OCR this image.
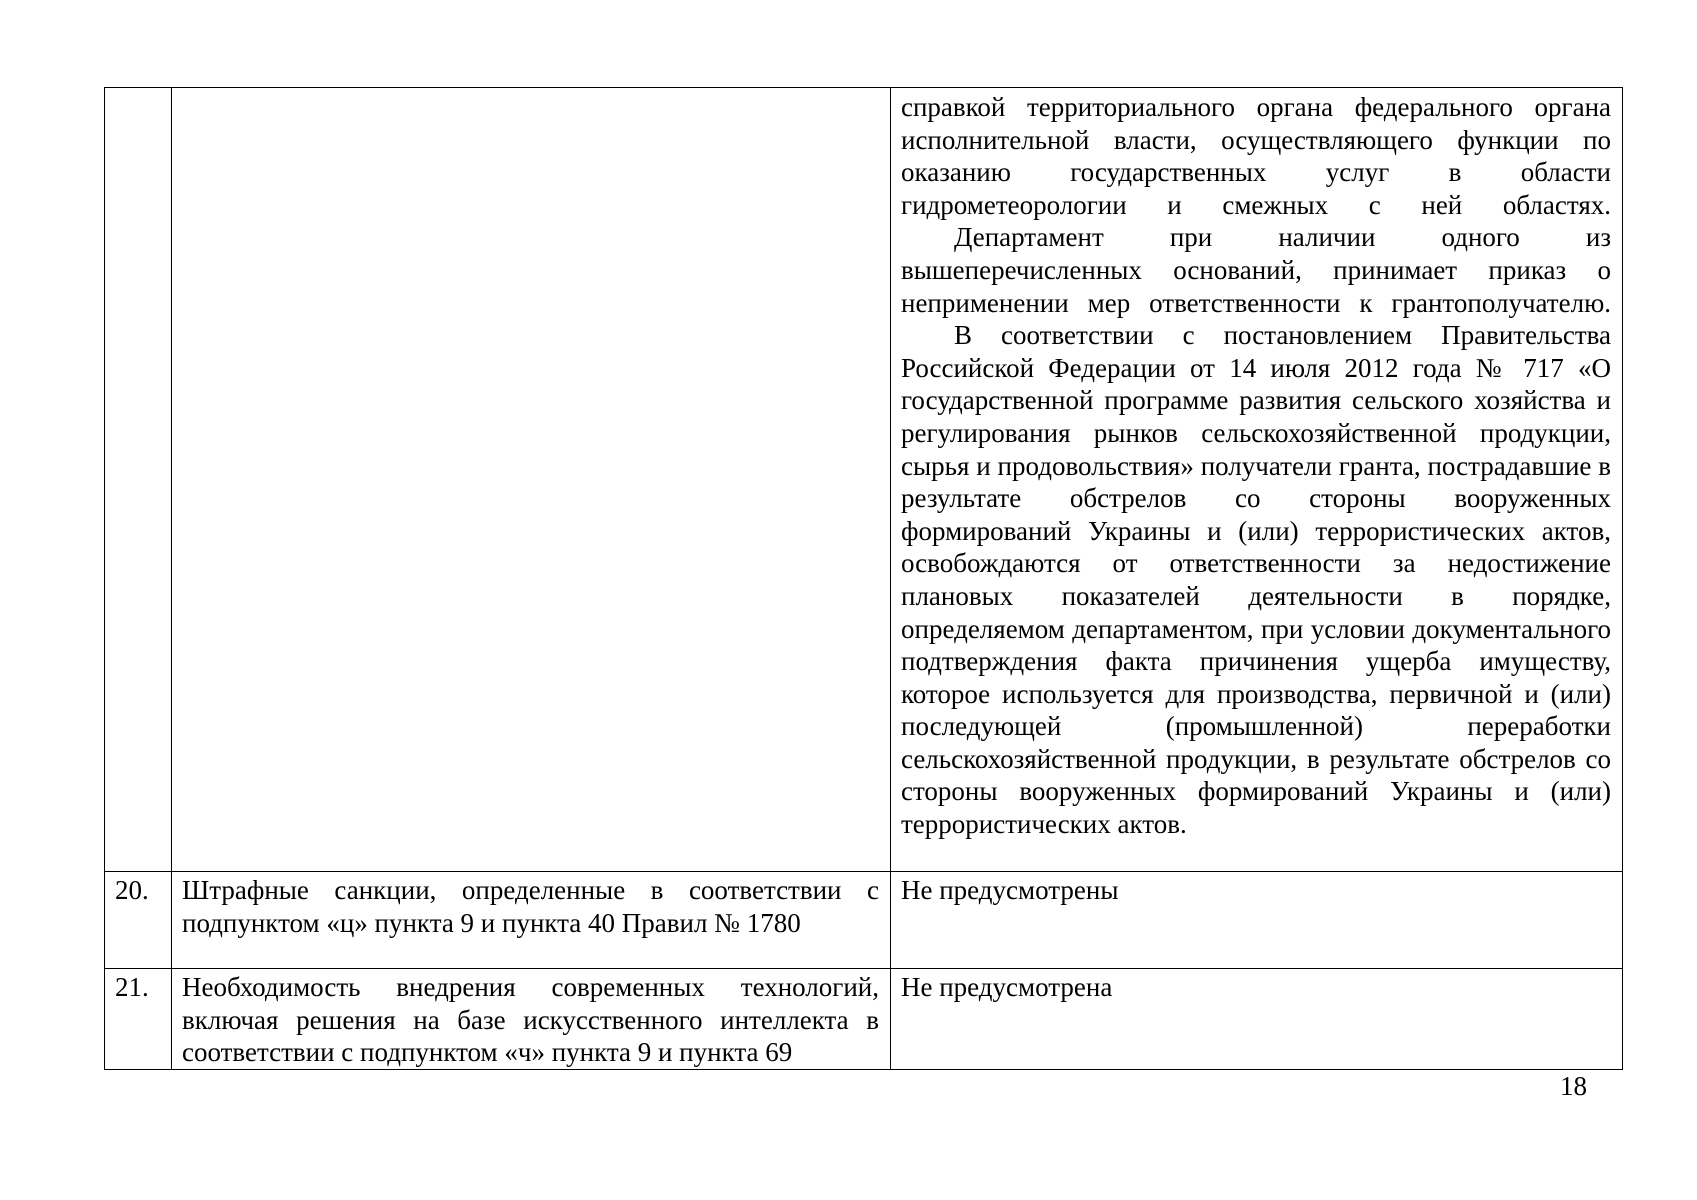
		справкой территориального органа федерального органа исполнительной власти, осуществляющего функции по оказанию государственных услуг в области гидрометеорологии и смежных с ней областях.

Департамент при наличии одного из вышеперечисленных оснований, принимает приказ о неприменении мер ответственности к грантополучателю.

В соответствии с постановлением Правительства Российской Федерации от 14 июля 2012 года № 717 «О государственной программе развития сельского хозяйства и регулирования рынков сельскохозяйственной продукции, сырья и продовольствия» получатели гранта, пострадавшие в результате обстрелов со стороны вооруженных формирований Украины и (или) террористических актов, освобождаются от ответственности за недостижение плановых показателей деятельности в порядке, определяемом департаментом, при условии документального подтверждения факта причинения ущерба имуществу, которое используется для производства, первичной и (или) последующей (промышленной) переработки сельскохозяйственной продукции, в результате обстрелов со стороны вооруженных формирований Украины и (или) террористических актов.

20.	Штрафные санкции, определенные в соответствии с подпунктом «ц» пункта 9 и пункта 40 Правил № 1780	Не предусмотрены
21.	Необходимость внедрения современных технологий, включая решения на базе искусственного интеллекта в соответствии с подпунктом «ч» пункта 9 и пункта 69	Не предусмотрена
18
